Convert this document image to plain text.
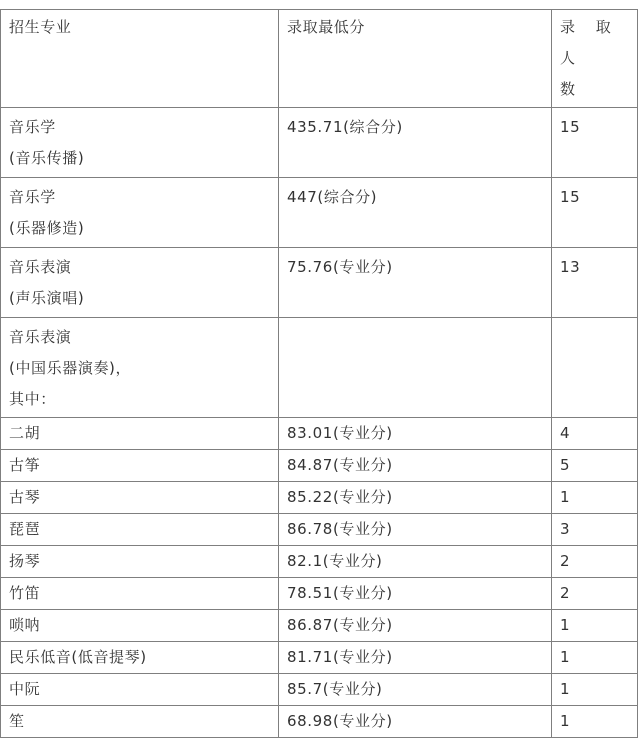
招生专业	录取最低分	录 取 人
数

音乐学
(音乐传播)	435.71(综合分)	15

音乐学
(乐器修造)	447(综合分)	15

音乐表演
(声乐演唱)	75.76(专业分)	13

音乐表演
(中国乐器演奏)，
其中：		

二胡	83.01(专业分)	4
古筝	84.87(专业分)	5
古琴	85.22(专业分)	1
琵琶	86.78(专业分)	3
扬琴	82.1(专业分)	2
竹笛	78.51(专业分)	2
唢呐	86.87(专业分)	1
民乐低音(低音提琴)	81.71(专业分)	1
中阮	85.7(专业分)	1
笙	68.98(专业分)	1
